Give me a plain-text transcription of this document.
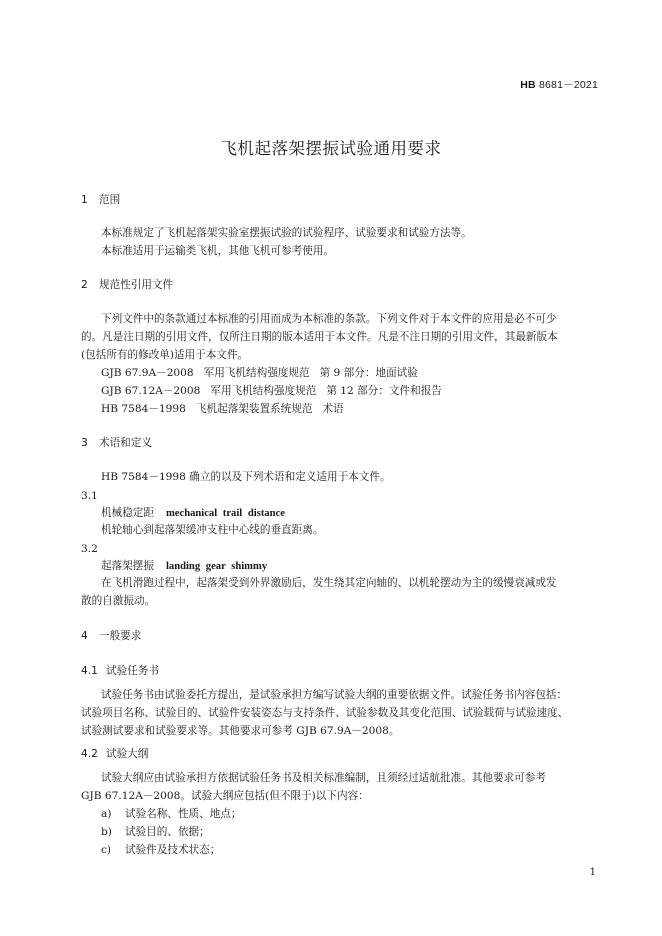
HB 8681－2021
飞机起落架摆振试验通用要求
1 范围
本标准规定了飞机起落架实验室摆振试验的试验程序、试验要求和试验方法等。
本标准适用于运输类飞机，其他飞机可参考使用。
2 规范性引用文件
下列文件中的条款通过本标准的引用而成为本标准的条款。下列文件对于本文件的应用是必不可少
的。凡是注日期的引用文件，仅所注日期的版本适用于本文件。凡是不注日期的引用文件，其最新版本
(包括所有的修改单)适用于本文件。
GJB 67.9A－2008 军用飞机结构强度规范 第 9 部分：地面试验
GJB 67.12A－2008 军用飞机结构强度规范 第 12 部分：文件和报告
HB 7584－1998 飞机起落架装置系统规范 术语
3 术语和定义
HB 7584－1998 确立的以及下列术语和定义适用于本文件。
3.1
机械稳定距 mechanical trail distance
机轮轴心到起落架缓冲支柱中心线的垂直距离。
3.2
起落架摆振 landing gear shimmy
在飞机滑跑过程中，起落架受到外界激励后，发生绕其定向轴的、以机轮摆动为主的缓慢衰减或发
散的自激振动。
4 一般要求
4.1 试验任务书
试验任务书由试验委托方提出，是试验承担方编写试验大纲的重要依据文件。试验任务书内容包括：
试验项目名称、试验目的、试验件安装姿态与支持条件、试验参数及其变化范围、试验载荷与试验速度、
试验测试要求和试验要求等。其他要求可参考 GJB 67.9A－2008。
4.2 试验大纲
试验大纲应由试验承担方依据试验任务书及相关标准编制，且须经过适航批准。其他要求可参考
GJB 67.12A－2008。试验大纲应包括(但不限于)以下内容：
a) 试验名称、性质、地点；
b) 试验目的、依据；
c) 试验件及技术状态；
1
